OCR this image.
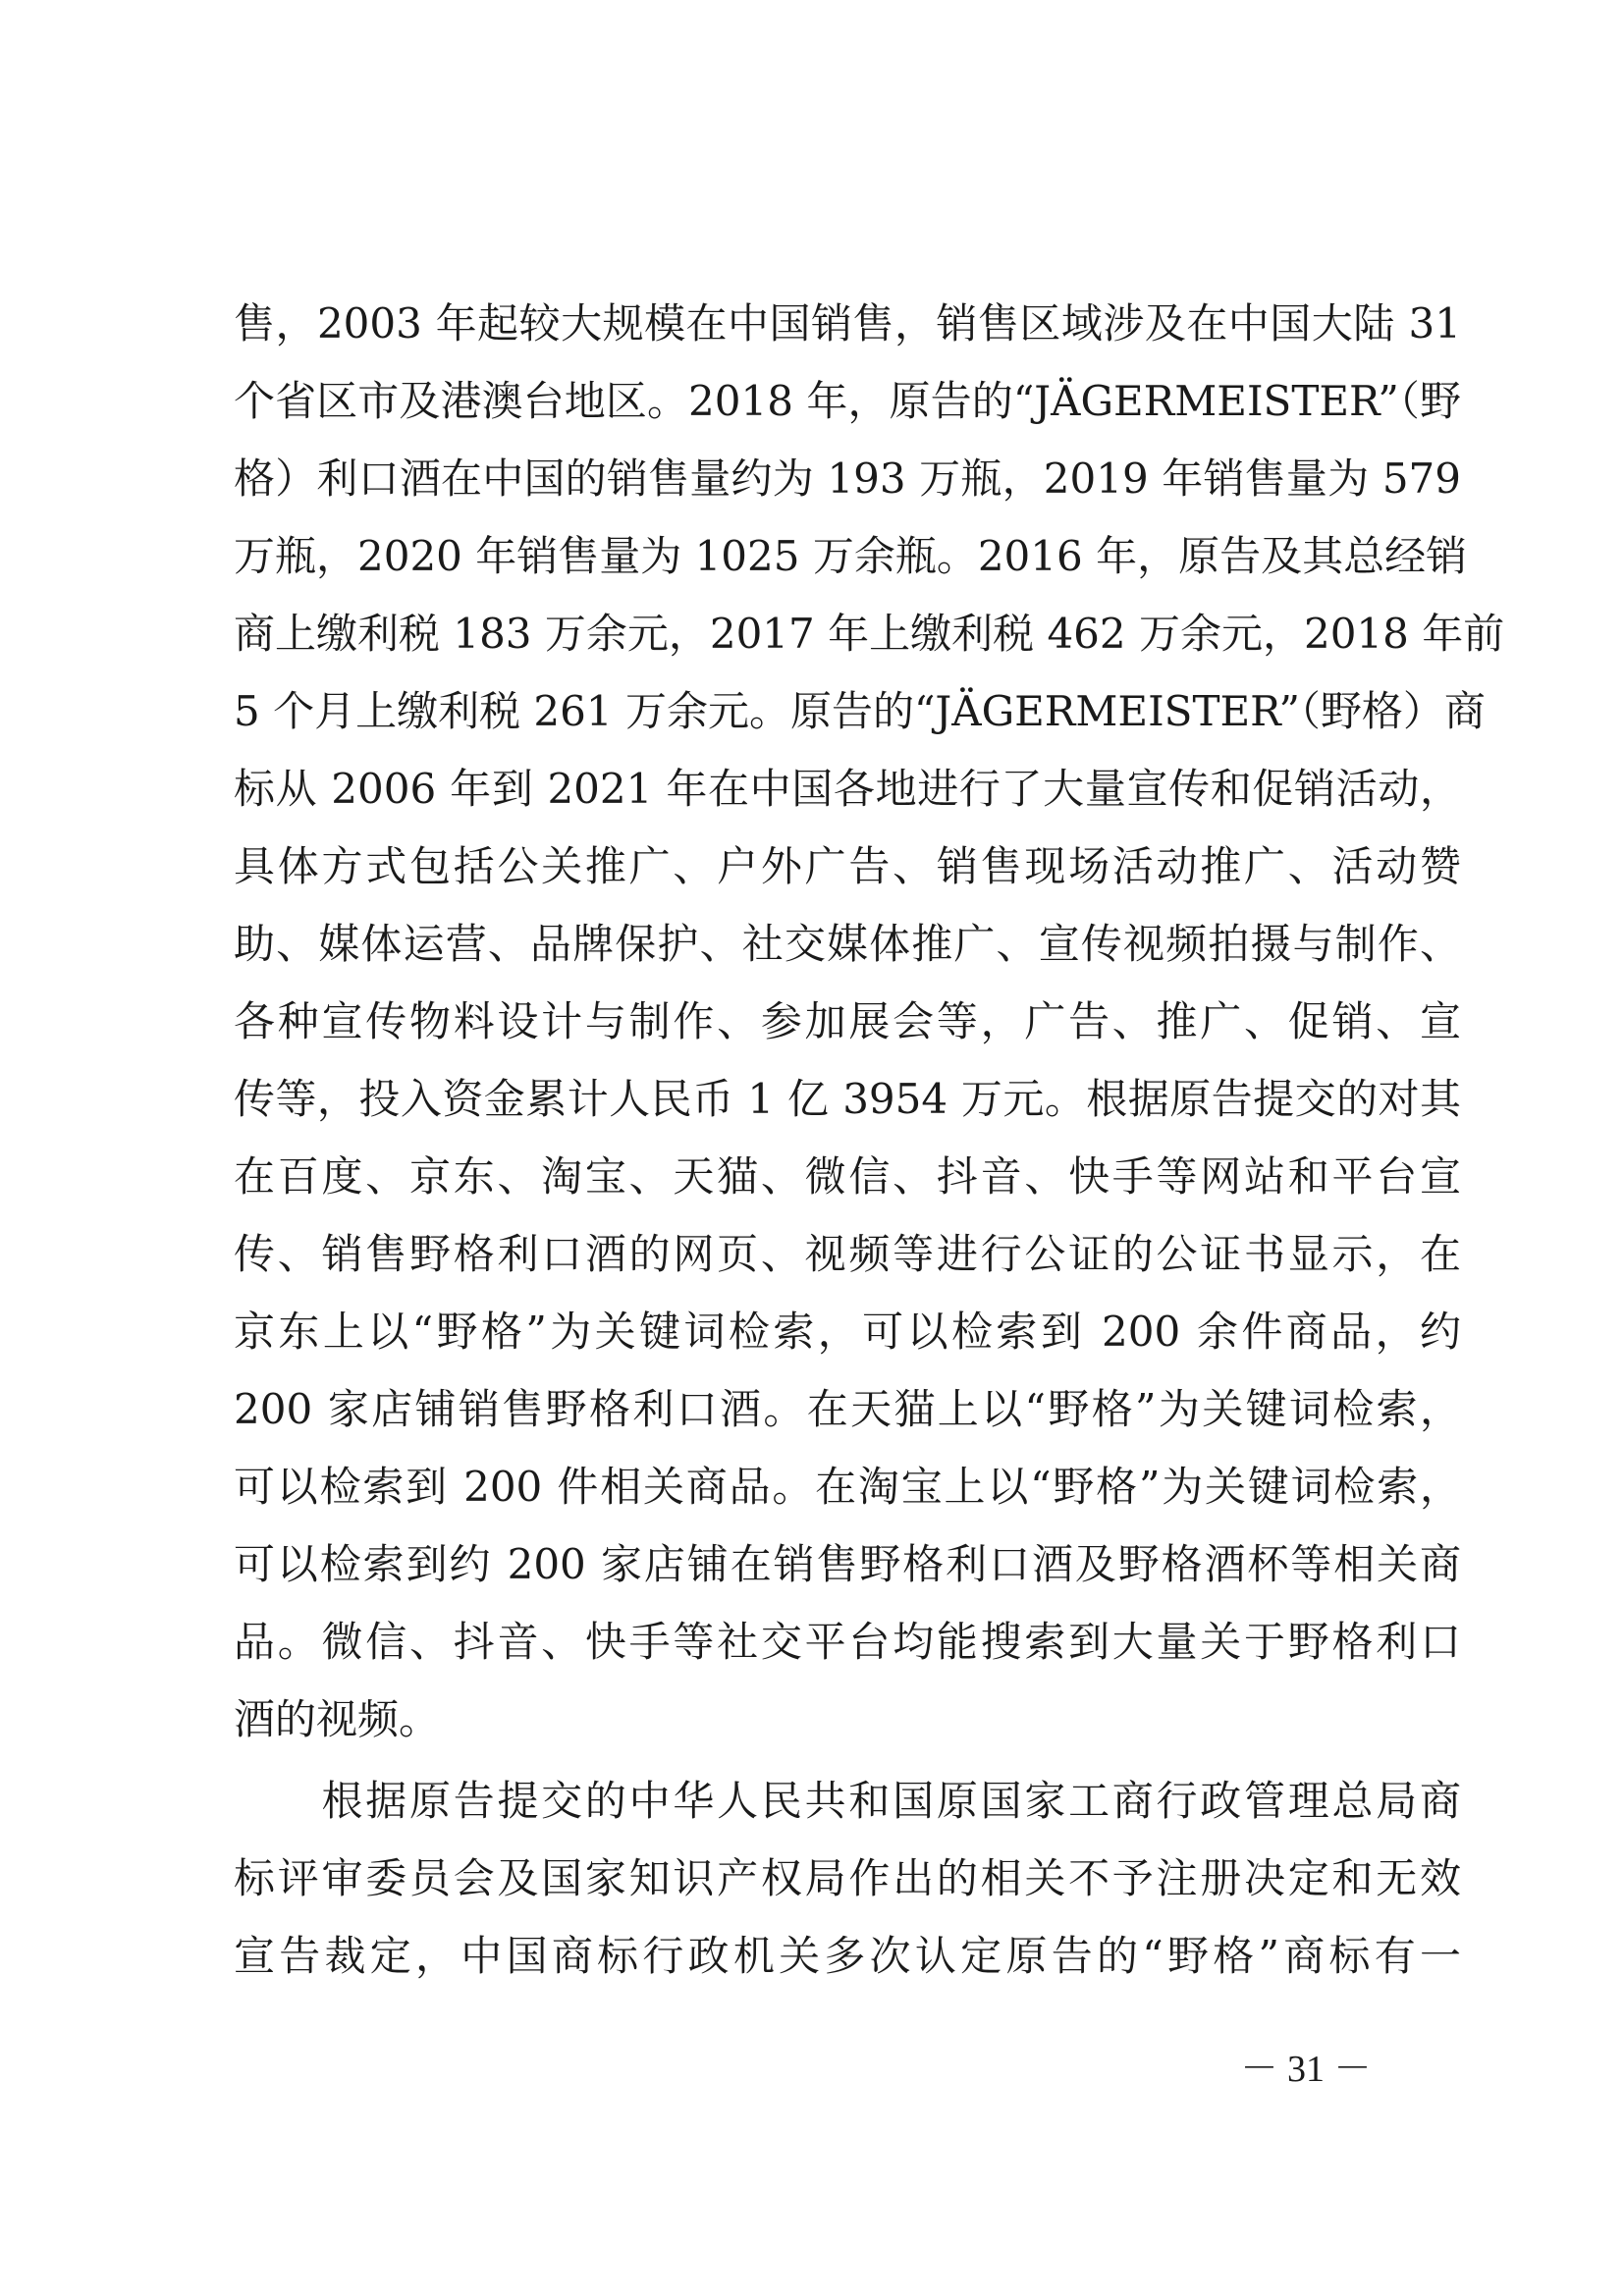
售，2003 年起较大规模在中国销售，销售区域涉及在中国大陆 31
个省区市及港澳台地区。2018 年，原告的“JÄGERMEISTER”（野
格）利口酒在中国的销售量约为 193 万瓶，2019 年销售量为 579
万瓶，2020 年销售量为 1025 万余瓶。2016 年，原告及其总经销
商上缴利税 183 万余元，2017 年上缴利税 462 万余元，2018 年前
5 个月上缴利税 261 万余元。原告的“JÄGERMEISTER”（野格）商
标从 2006 年到 2021 年在中国各地进行了大量宣传和促销活动，
具体方式包括公关推广、户外广告、销售现场活动推广、活动赞
助、媒体运营、品牌保护、社交媒体推广、宣传视频拍摄与制作、
各种宣传物料设计与制作、参加展会等，广告、推广、促销、宣
传等，投入资金累计人民币 1 亿 3954 万元。根据原告提交的对其
在百度、京东、淘宝、天猫、微信、抖音、快手等网站和平台宣
传、销售野格利口酒的网页、视频等进行公证的公证书显示，在
京东上以“野格”为关键词检索，可以检索到 200 余件商品，约
200 家店铺销售野格利口酒。在天猫上以“野格”为关键词检索，
可以检索到 200 件相关商品。在淘宝上以“野格”为关键词检索，
可以检索到约 200 家店铺在销售野格利口酒及野格酒杯等相关商
品。微信、抖音、快手等社交平台均能搜索到大量关于野格利口
酒的视频。
　　根据原告提交的中华人民共和国原国家工商行政管理总局商
标评审委员会及国家知识产权局作出的相关不予注册决定和无效
宣告裁定，中国商标行政机关多次认定原告的“野格”商标有一
－ 31 －
